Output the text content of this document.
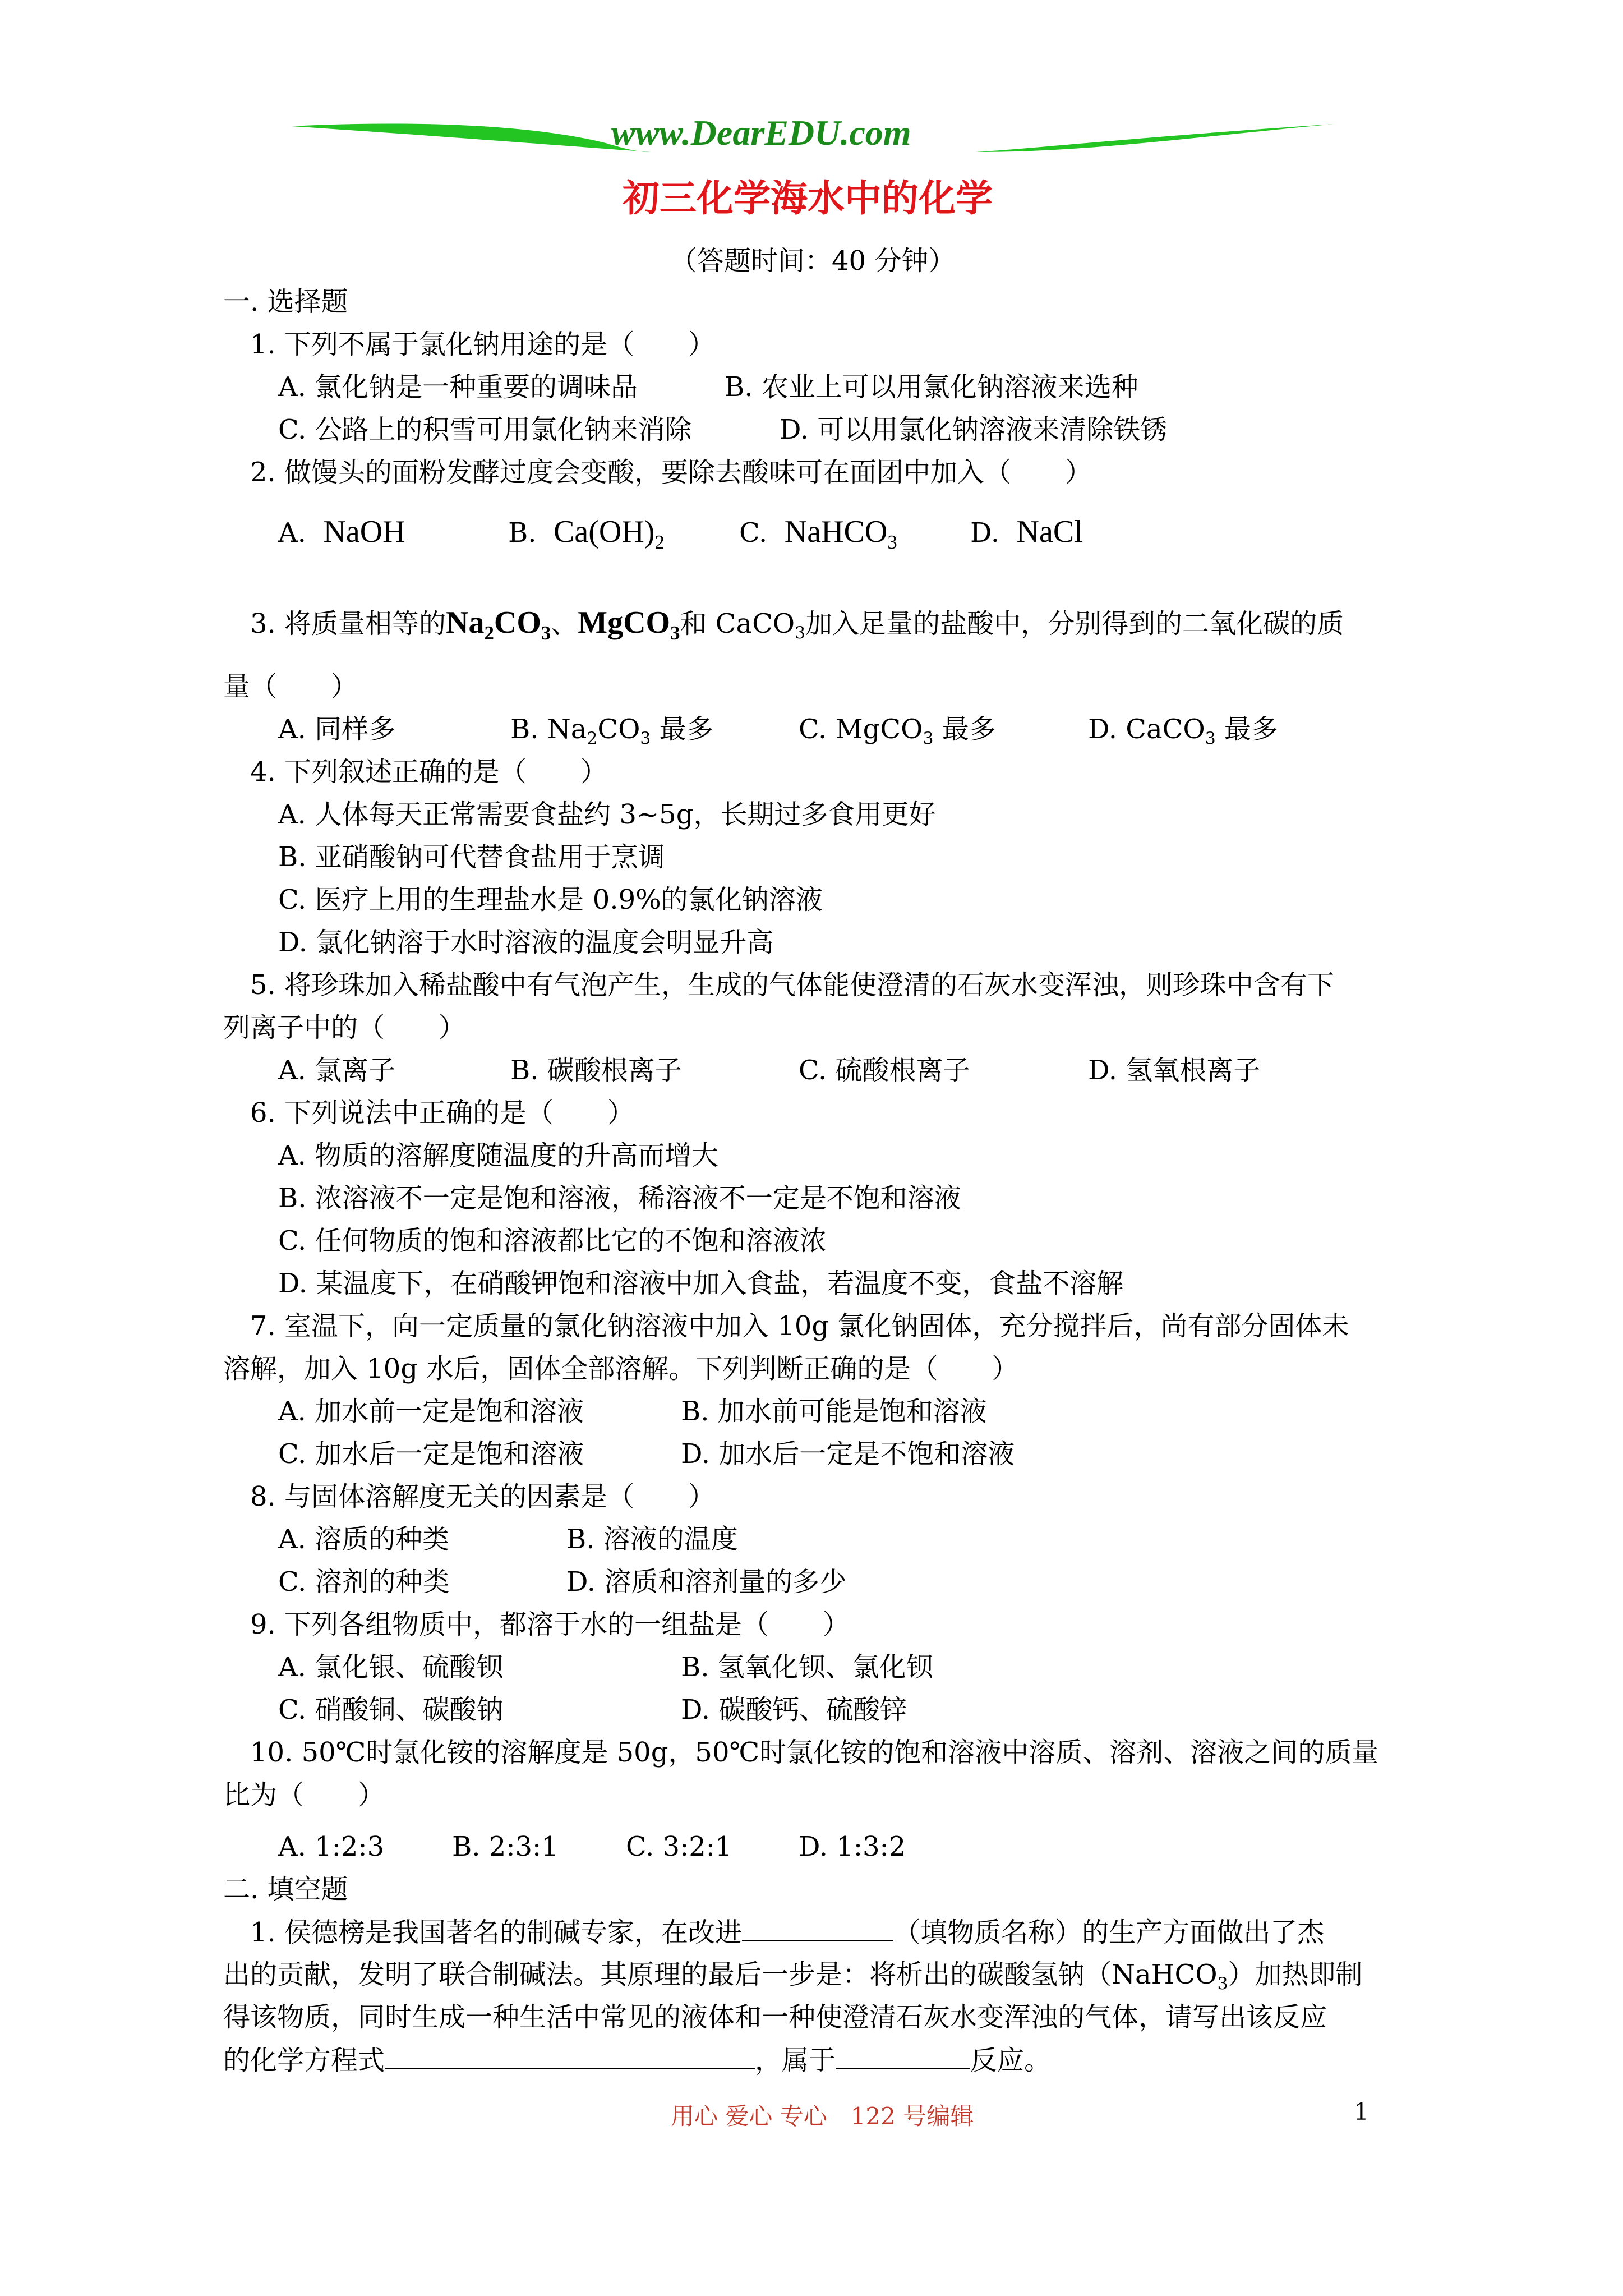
www.DearEDU.com
初三化学海水中的化学
（答题时间：40 分钟）
一. 选择题
1. 下列不属于氯化钠用途的是（　　）
A. 氯化钠是一种重要的调味品	B. 农业上可以用氯化钠溶液来选种
C. 公路上的积雪可用氯化钠来消除	D. 可以用氯化钠溶液来清除铁锈
2. 做馒头的面粉发酵过度会变酸，要除去酸味可在面团中加入（　　）
A. NaOH	B. $Ca(OH)_2$	C. NaHCO$_3$	D. NaCl
3. 将质量相等的$Na_2CO_3$、MgCO$_3$和 CaCO$_3$加入足量的盐酸中，分别得到的二氧化碳的质
量（　　）
A. 同样多	B. $Na_2CO_3$ 最多	C. MgCO$_3$ 最多	D. CaCO$_3$ 最多
4. 下列叙述正确的是（　　）
A. 人体每天正常需要食盐约 3~5g，长期过多食用更好
B. 亚硝酸钠可代替食盐用于烹调
C. 医疗上用的生理盐水是 0.9%的氯化钠溶液
D. 氯化钠溶于水时溶液的温度会明显升高
5. 将珍珠加入稀盐酸中有气泡产生，生成的气体能使澄清的石灰水变浑浊，则珍珠中含有下
列离子中的（　　）
A. 氯离子	B. 碳酸根离子	C. 硫酸根离子	D. 氢氧根离子
6. 下列说法中正确的是（　　）
A. 物质的溶解度随温度的升高而增大
B. 浓溶液不一定是饱和溶液，稀溶液不一定是不饱和溶液
C. 任何物质的饱和溶液都比它的不饱和溶液浓
D. 某温度下，在硝酸钾饱和溶液中加入食盐，若温度不变，食盐不溶解
7. 室温下，向一定质量的氯化钠溶液中加入 10g 氯化钠固体，充分搅拌后，尚有部分固体未
溶解，加入 10g 水后，固体全部溶解。下列判断正确的是（　　）
A. 加水前一定是饱和溶液	B. 加水前可能是饱和溶液
C. 加水后一定是饱和溶液	D. 加水后一定是不饱和溶液
8. 与固体溶解度无关的因素是（　　）
A. 溶质的种类	B. 溶液的温度
C. 溶剂的种类	D. 溶质和溶剂量的多少
9. 下列各组物质中，都溶于水的一组盐是（　　）
A. 氯化银、硫酸钡	B. 氢氧化钡、氯化钡
C. 硝酸铜、碳酸钠	D. 碳酸钙、硫酸锌
10. 50℃时氯化铵的溶解度是 50g，50℃时氯化铵的饱和溶液中溶质、溶剂、溶液之间的质量
比为（　　）
A. 1:2:3	B. 2:3:1	C. 3:2:1 D. 1:3:2
二. 填空题
1. 侯德榜是我国著名的制碱专家，在改进	（填物质名称）的生产方面做出了杰
出的贡献，发明了联合制碱法。其原理的最后一步是：将析出的碳酸氢钠（NaHCO$_3$）加热即制
得该物质，同时生成一种生活中常见的液体和一种使澄清石灰水变浑浊的气体，请写出该反应
的化学方程式	，属于	反应。
用心 爱心 专心　122 号编辑	1
